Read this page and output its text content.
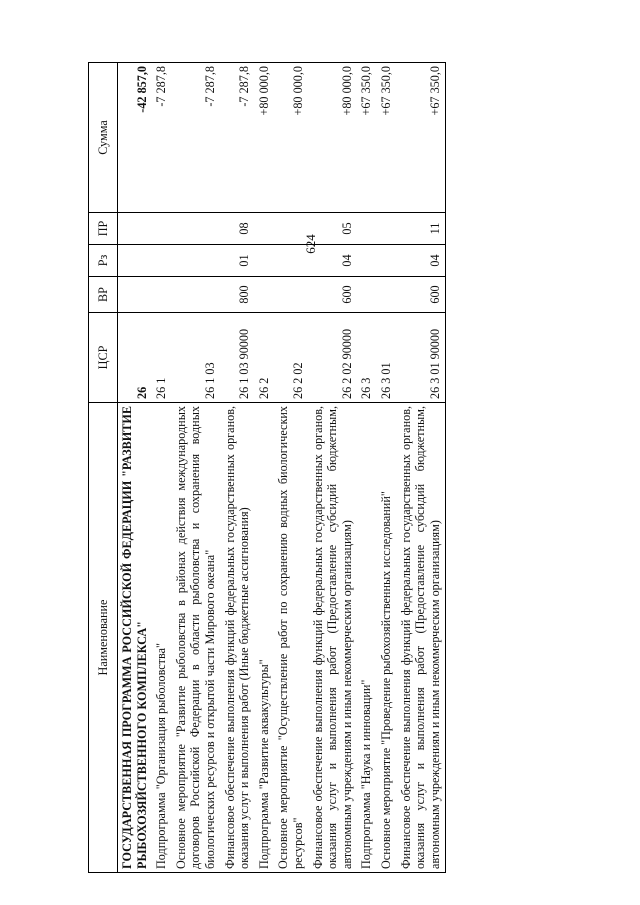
624
Наименование	ЦСР	ВР	Рз	ПР	Сумма
ГОСУДАРСТВЕННАЯ ПРОГРАММА РОССИЙСКОЙ ФЕДЕРАЦИИ "РАЗВИТИЕ РЫБОХОЗЯЙСТВЕННОГО КОМПЛЕКСА"	26				-42 857,0
Подпрограмма "Организация рыболовства"	26 1				-7 287,8
Основное мероприятие "Развитие рыболовства в районах действия международных договоров Российской Федерации в области рыболовства и сохранения водных биологических ресурсов и открытой части Мирового океана"	26 1 03				-7 287,8
Финансовое обеспечение выполнения функций федеральных государственных органов, оказания услуг и выполнения работ (Иные бюджетные ассигнования)	26 1 03 90000	800	01	08	-7 287,8
Подпрограмма "Развитие аквакультуры"	26 2				+80 000,0
Основное мероприятие "Осуществление работ по сохранению водных биологических ресурсов"	26 2 02				+80 000,0
Финансовое обеспечение выполнения функций федеральных государственных органов, оказания услуг и выполнения работ (Предоставление субсидий бюджетным, автономным учреждениям и иным некоммерческим организациям)	26 2 02 90000	600	04	05	+80 000,0
Подпрограмма "Наука и инновации"	26 3				+67 350,0
Основное мероприятие "Проведение рыбохозяйственных исследований"	26 3 01				+67 350,0
Финансовое обеспечение выполнения функций федеральных государственных органов, оказания услуг и выполнения работ (Предоставление субсидий бюджетным, автономным учреждениям и иным некоммерческим организациям)	26 3 01 90000	600	04	11	+67 350,0
